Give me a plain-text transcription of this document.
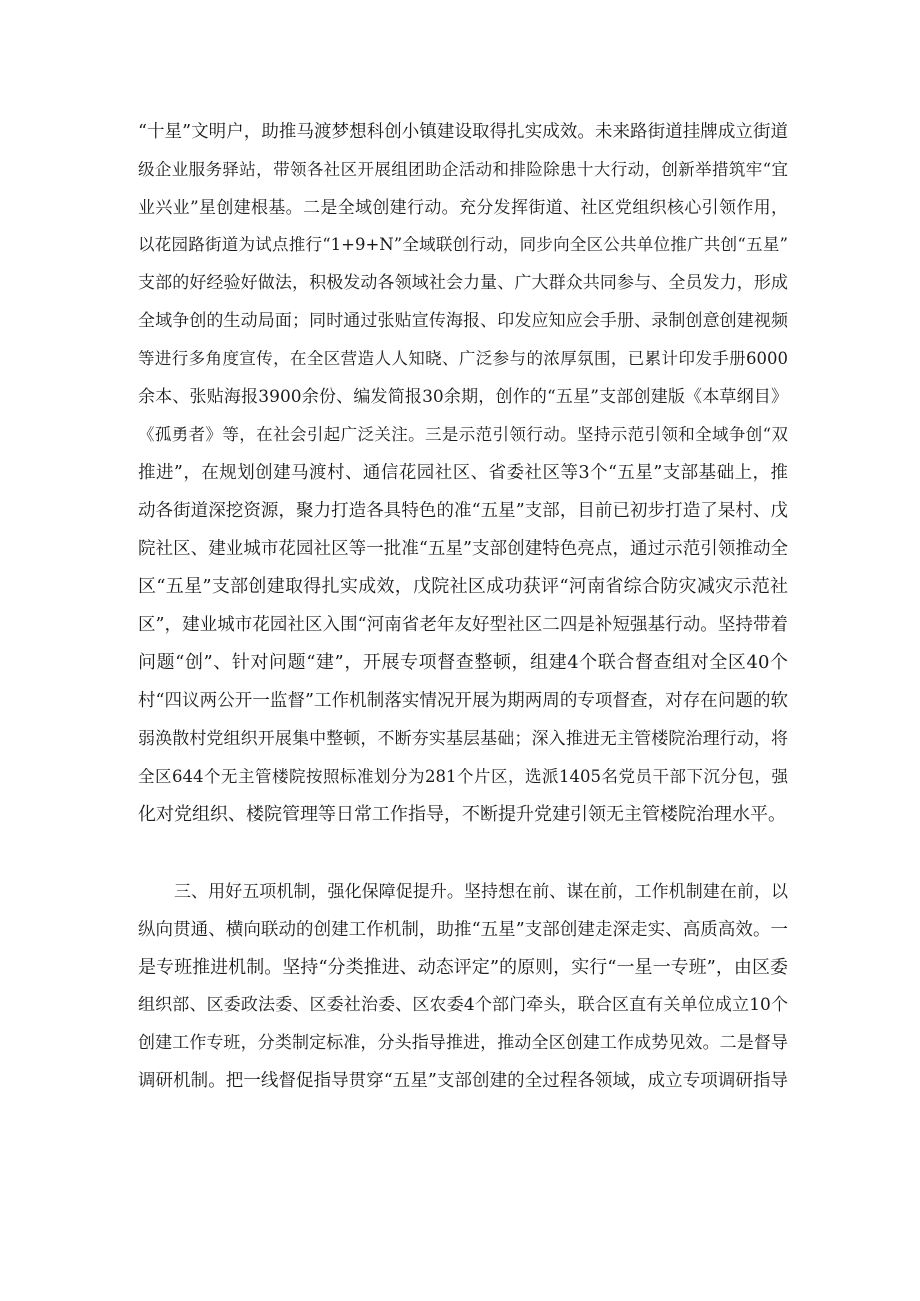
“十星”文明户，助推马渡梦想科创小镇建设取得扎实成效。未来路街道挂牌成立街道
级企业服务驿站，带领各社区开展组团助企活动和排险除患十大行动，创新举措筑牢“宜
业兴业”星创建根基。二是全域创建行动。充分发挥街道、社区党组织核心引领作用，
以花园路街道为试点推行“1+9+N”全域联创行动，同步向全区公共单位推广共创“五星”
支部的好经验好做法，积极发动各领域社会力量、广大群众共同参与、全员发力，形成
全域争创的生动局面；同时通过张贴宣传海报、印发应知应会手册、录制创意创建视频
等进行多角度宣传，在全区营造人人知晓、广泛参与的浓厚氛围，已累计印发手册6000
余本、张贴海报3900余份、编发简报30余期，创作的“五星”支部创建版《本草纲目》
《孤勇者》等，在社会引起广泛关注。三是示范引领行动。坚持示范引领和全域争创“双
推进”，在规划创建马渡村、通信花园社区、省委社区等3个“五星”支部基础上，推
动各街道深挖资源，聚力打造各具特色的准“五星”支部，目前已初步打造了杲村、戊
院社区、建业城市花园社区等一批准“五星”支部创建特色亮点，通过示范引领推动全
区“五星”支部创建取得扎实成效，戊院社区成功获评“河南省综合防灾减灾示范社
区”，建业城市花园社区入围“河南省老年友好型社区二四是补短强基行动。坚持带着
问题“创”、针对问题“建”，开展专项督查整顿，组建4个联合督查组对全区40个
村“四议两公开一监督”工作机制落实情况开展为期两周的专项督查，对存在问题的软
弱涣散村党组织开展集中整顿，不断夯实基层基础；深入推进无主管楼院治理行动，将
全区644个无主管楼院按照标准划分为281个片区，选派1405名党员干部下沉分包，强
化对党组织、楼院管理等日常工作指导，不断提升党建引领无主管楼院治理水平。
三、用好五项机制，强化保障促提升。坚持想在前、谋在前，工作机制建在前，以
纵向贯通、横向联动的创建工作机制，助推“五星”支部创建走深走实、高质高效。一
是专班推进机制。坚持“分类推进、动态评定”的原则，实行“一星一专班”，由区委
组织部、区委政法委、区委社治委、区农委4个部门牵头，联合区直有关单位成立10个
创建工作专班，分类制定标准，分头指导推进，推动全区创建工作成势见效。二是督导
调研机制。把一线督促指导贯穿“五星”支部创建的全过程各领域，成立专项调研指导
